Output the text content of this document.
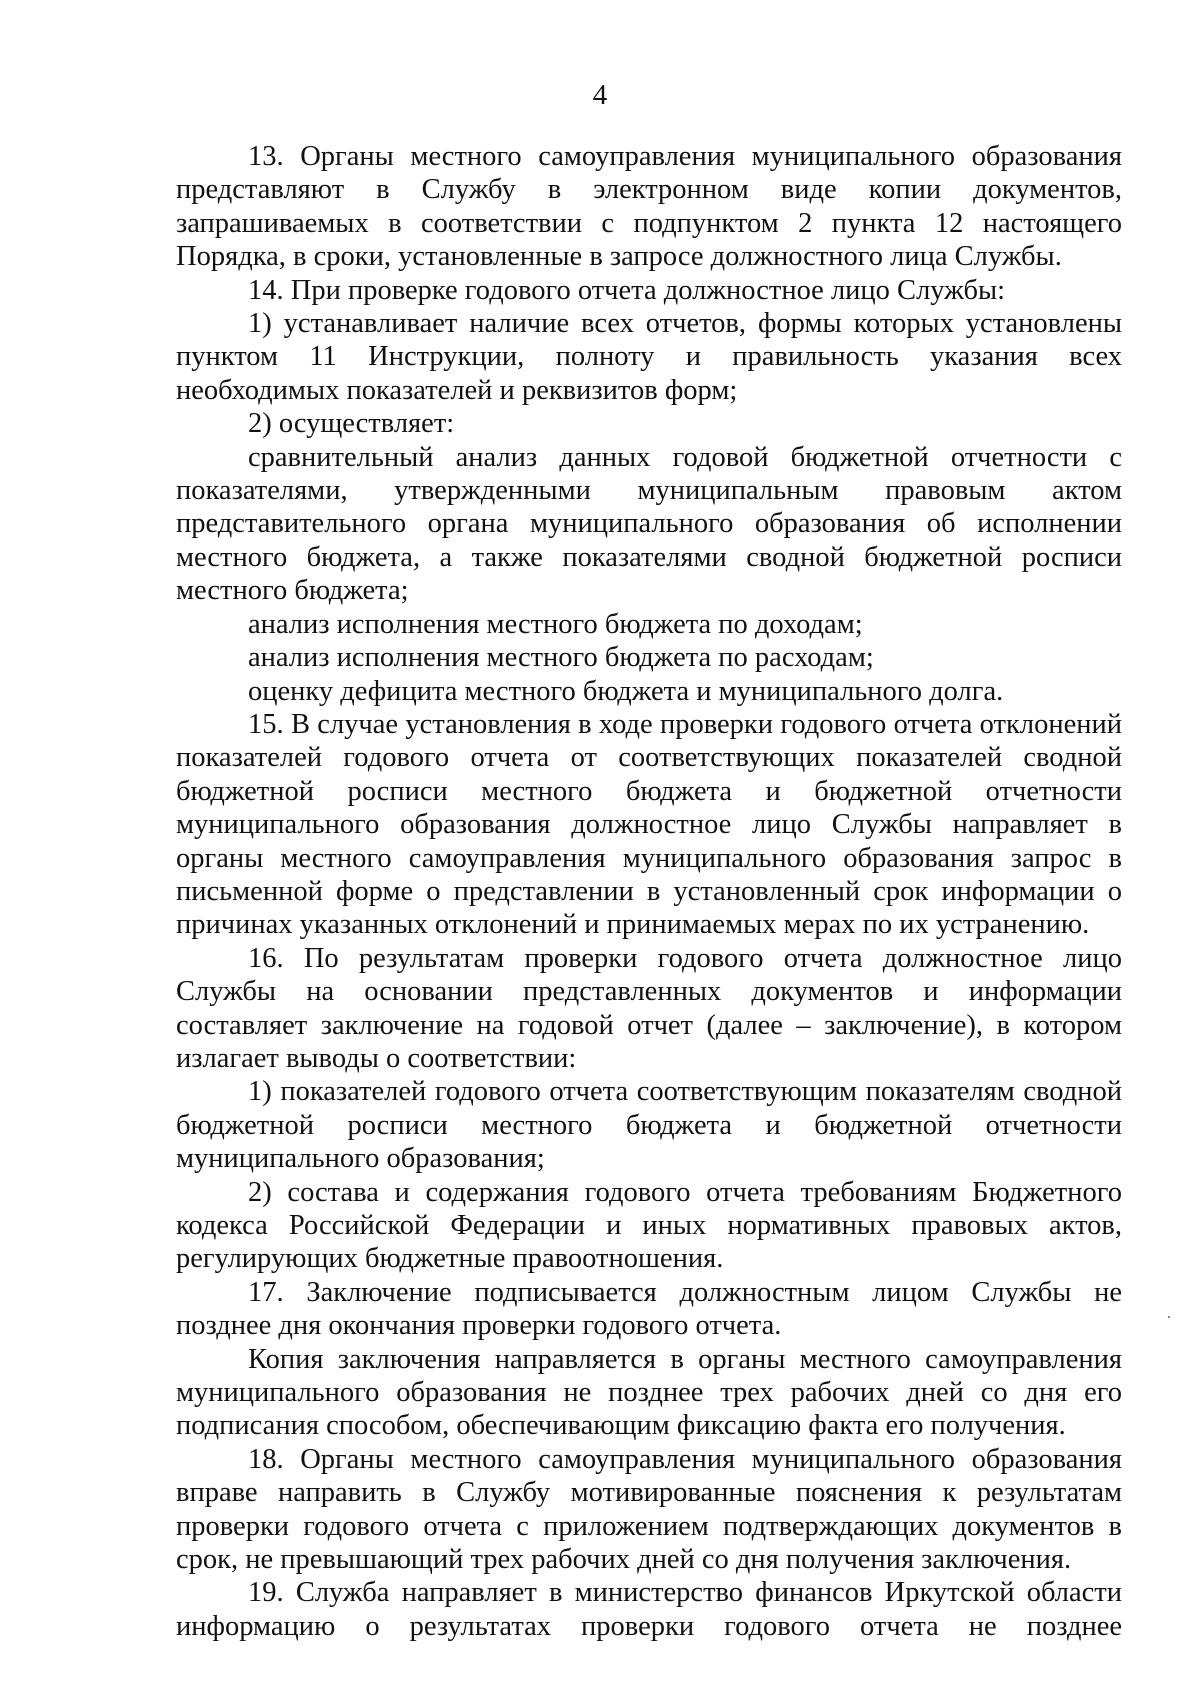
4

13. Органы местного самоуправления муниципального образования представляют в Службу в электронном виде копии документов, запрашиваемых в соответствии с подпунктом 2 пункта 12 настоящего Порядка, в сроки, установленные в запросе должностного лица Службы.

14. При проверке годового отчета должностное лицо Службы:

1) устанавливает наличие всех отчетов, формы которых установлены пунктом 11 Инструкции, полноту и правильность указания всех необходимых показателей и реквизитов форм;

2) осуществляет:

сравнительный анализ данных годовой бюджетной отчетности с показателями, утвержденными муниципальным правовым актом представительного органа муниципального образования об исполнении местного бюджета, а также показателями сводной бюджетной росписи местного бюджета;

анализ исполнения местного бюджета по доходам;

анализ исполнения местного бюджета по расходам;

оценку дефицита местного бюджета и муниципального долга.

15. В случае установления в ходе проверки годового отчета отклонений показателей годового отчета от соответствующих показателей сводной бюджетной росписи местного бюджета и бюджетной отчетности муниципального образования должностное лицо Службы направляет в органы местного самоуправления муниципального образования запрос в письменной форме о представлении в установленный срок информации о причинах указанных отклонений и принимаемых мерах по их устранению.

16. По результатам проверки годового отчета должностное лицо Службы на основании представленных документов и информации составляет заключение на годовой отчет (далее – заключение), в котором излагает выводы о соответствии:

1) показателей годового отчета соответствующим показателям сводной бюджетной росписи местного бюджета и бюджетной отчетности муниципального образования;

2) состава и содержания годового отчета требованиям Бюджетного кодекса Российской Федерации и иных нормативных правовых актов, регулирующих бюджетные правоотношения.

17. Заключение подписывается должностным лицом Службы не позднее дня окончания проверки годового отчета.

Копия заключения направляется в органы местного самоуправления муниципального образования не позднее трех рабочих дней со дня его подписания способом, обеспечивающим фиксацию факта его получения.

18. Органы местного самоуправления муниципального образования вправе направить в Службу мотивированные пояснения к результатам проверки годового отчета с приложением подтверждающих документов в срок, не превышающий трех рабочих дней со дня получения заключения.

19. Служба направляет в министерство финансов Иркутской области информацию о результатах проверки годового отчета не позднее
